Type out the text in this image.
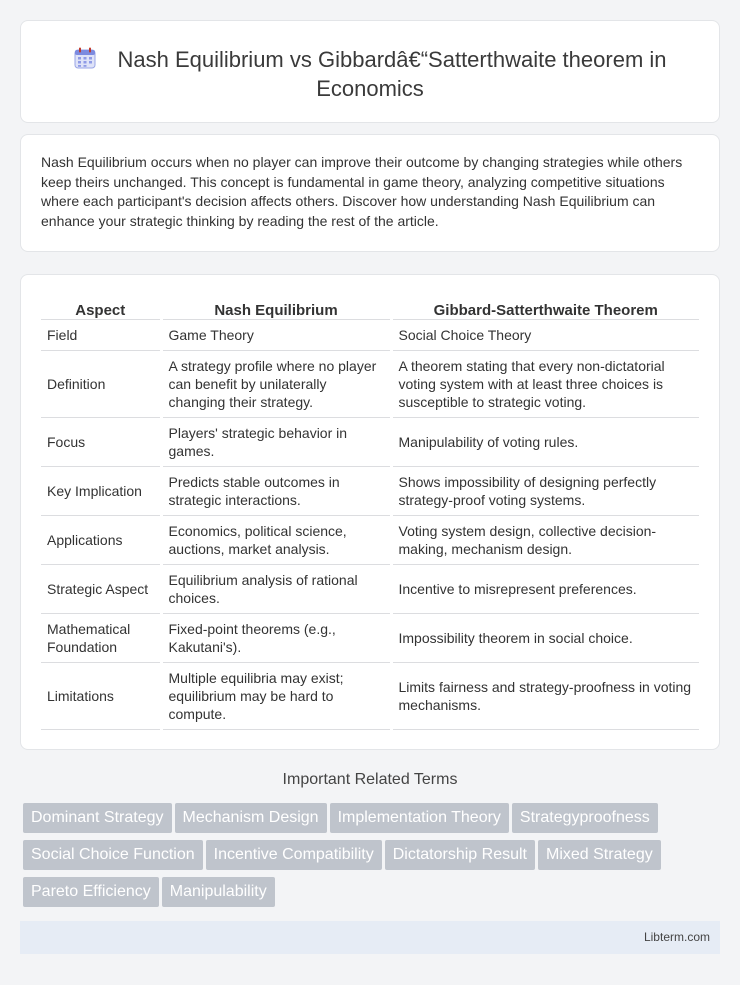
Nash Equilibrium vs Gibbardâ€“Satterthwaite theorem in Economics

Nash Equilibrium occurs when no player can improve their outcome by changing strategies while others keep theirs unchanged. This concept is fundamental in game theory, analyzing competitive situations where each participant's decision affects others. Discover how understanding Nash Equilibrium can enhance your strategic thinking by reading the rest of the article.

Aspect	Nash Equilibrium	Gibbard-Satterthwaite Theorem
Field	Game Theory	Social Choice Theory
Definition	A strategy profile where no player can benefit by unilaterally changing their strategy.	A theorem stating that every non-dictatorial voting system with at least three choices is susceptible to strategic voting.
Focus	Players' strategic behavior in games.	Manipulability of voting rules.
Key Implication	Predicts stable outcomes in strategic interactions.	Shows impossibility of designing perfectly strategy-proof voting systems.
Applications	Economics, political science, auctions, market analysis.	Voting system design, collective decision-making, mechanism design.
Strategic Aspect	Equilibrium analysis of rational choices.	Incentive to misrepresent preferences.
Mathematical Foundation	Fixed-point theorems (e.g., Kakutani's).	Impossibility theorem in social choice.
Limitations	Multiple equilibria may exist; equilibrium may be hard to compute.	Limits fairness and strategy-proofness in voting mechanisms.
Important Related Terms
Dominant Strategy Mechanism Design Implementation Theory Strategyproofness
Social Choice Function Incentive Compatibility Dictatorship Result Mixed Strategy
Pareto Efficiency Manipulability
Libterm.com
